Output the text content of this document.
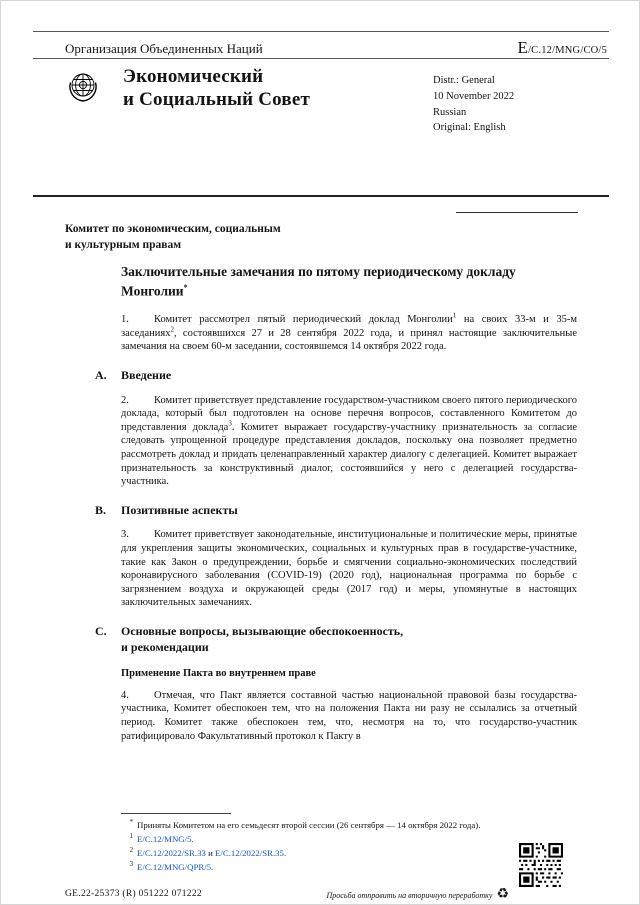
Организация Объединенных Наций	E/C.12/MNG/CO/5
Экономический
и Социальный Совет
Distr.: General
10 November 2022
Russian
Original: English
Комитет по экономическим, социальным
и культурным правам
Заключительные замечания по пятому периодическому докладу Монголии*

1. Комитет рассмотрел пятый периодический доклад Монголии$^1$ на своих 33-м и 35-м заседаниях$^2$, состоявшихся 27 и 28 сентября 2022 года, и принял настоящие заключительные замечания на своем 60-м заседании, состоявшемся 14 октября 2022 года.

A. Введение

2. Комитет приветствует представление государством-участником своего пятого периодического доклада, который был подготовлен на основе перечня вопросов, составленного Комитетом до представления доклада$^3$. Комитет выражает государству-участнику признательность за согласие следовать упрощенной процедуре представления докладов, поскольку она позволяет предметно рассмотреть доклад и придать целенаправленный характер диалогу с делегацией. Комитет выражает признательность за конструктивный диалог, состоявшийся у него с делегацией государства-участника.

B. Позитивные аспекты

3. Комитет приветствует законодательные, институциональные и политические меры, принятые для укрепления защиты экономических, социальных и культурных прав в государстве-участнике, такие как Закон о предупреждении, борьбе и смягчении социально-экономических последствий коронавирусного заболевания (COVID-19) (2020 год), национальная программа по борьбе с загрязнением воздуха и окружающей среды (2017 год) и меры, упомянутые в настоящих заключительных замечаниях.

C. Основные вопросы, вызывающие обеспокоенность,
и рекомендации
Применение Пакта во внутреннем праве

4. Отмечая, что Пакт является составной частью национальной правовой базы государства-участника, Комитет обеспокоен тем, что на положения Пакта ни разу не ссылались за отчетный период. Комитет также обеспокоен тем, что, несмотря на то, что государство-участник ратифицировало Факультативный протокол к Пакту в

* Приняты Комитетом на его семьдесят второй сессии (26 сентября — 14 октября 2022 года).

1 E/C.12/MNG/5.

2 E/C.12/2022/SR.33 и E/C.12/2022/SR.35.

3 E/C.12/MNG/QPR/5.

GE.22-25373 (R) 051222 071222	Просьба отправить на вторичную переработку ♻
